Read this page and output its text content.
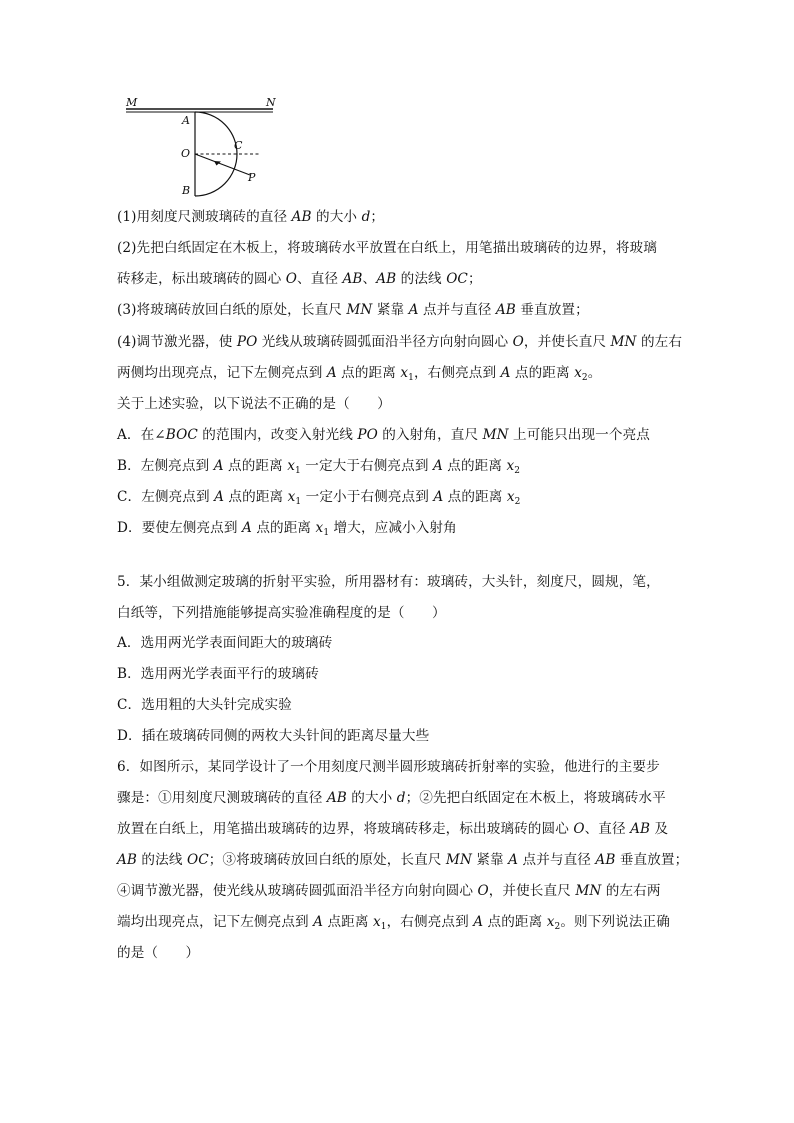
M	N
A
O
B
C
P
(1)用刻度尺测玻璃砖的直径 AB 的大小 d；
(2)先把白纸固定在木板上，将玻璃砖水平放置在白纸上，用笔描出玻璃砖的边界，将玻璃
砖移走，标出玻璃砖的圆心 O、直径 AB、AB 的法线 OC；
(3)将玻璃砖放回白纸的原处，长直尺 MN 紧靠 A 点并与直径 AB 垂直放置；
(4)调节激光器，使 PO 光线从玻璃砖圆弧面沿半径方向射向圆心 O，并使长直尺 MN 的左右
两侧均出现亮点，记下左侧亮点到 A 点的距离 $x_1$，右侧亮点到 A 点的距离 $x_2$。
关于上述实验，以下说法不正确的是（　　）
A．在∠BOC 的范围内，改变入射光线 PO 的入射角，直尺 MN 上可能只出现一个亮点
B．左侧亮点到 A 点的距离 $x_1$ 一定大于右侧亮点到 A 点的距离 $x_2$
C．左侧亮点到 A 点的距离 $x_1$ 一定小于右侧亮点到 A 点的距离 $x_2$
D．要使左侧亮点到 A 点的距离 $x_1$ 增大，应减小入射角
5．某小组做测定玻璃的折射平实验，所用器材有：玻璃砖，大头针，刻度尺，圆规，笔，
白纸等，下列措施能够提高实验准确程度的是（　　）
A．选用两光学表面间距大的玻璃砖
B．选用两光学表面平行的玻璃砖
C．选用粗的大头针完成实验
D．插在玻璃砖同侧的两枚大头针间的距离尽量大些
6．如图所示，某同学设计了一个用刻度尺测半圆形玻璃砖折射率的实验，他进行的主要步
骤是：①用刻度尺测玻璃砖的直径 AB 的大小 d；②先把白纸固定在木板上，将玻璃砖水平
放置在白纸上，用笔描出玻璃砖的边界，将玻璃砖移走，标出玻璃砖的圆心 O、直径 AB 及
AB 的法线 OC；③将玻璃砖放回白纸的原处，长直尺 MN 紧靠 A 点并与直径 AB 垂直放置；
④调节激光器，使光线从玻璃砖圆弧面沿半径方向射向圆心 O，并使长直尺 MN 的左右两
端均出现亮点，记下左侧亮点到 A 点距离 $x_1$，右侧亮点到 A 点的距离 $x_2$。则下列说法正确
的是（　　）
